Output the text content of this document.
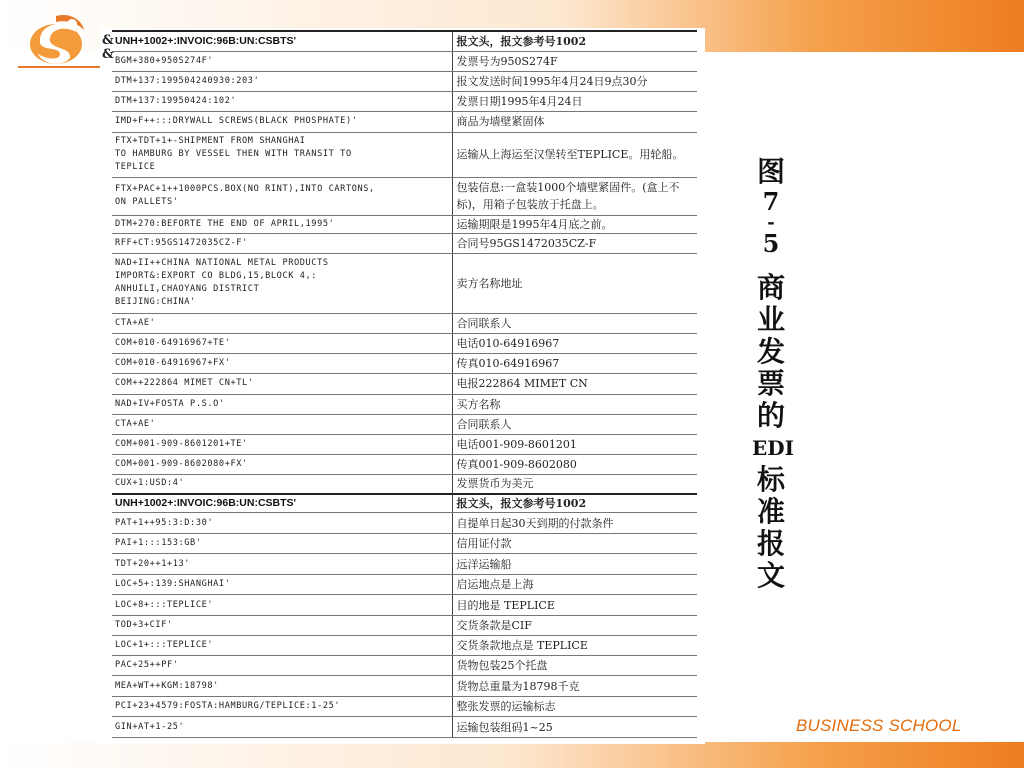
&
&
UNH+1002+:INVOIC:96B:UN:CSBTS'	报文头，报文参考号1002
BGM+380+950S274F'	发票号为950S274F
DTM+137:199504240930:203'	报文发送时间1995年4月24日9点30分
DTM+137:19950424:102'	发票日期1995年4月24日
IMD+F++:::DRYWALL SCREWS(BLACK PHOSPHATE)'	商品为墙壁紧固体
FTX+TDT+1+-SHIPMENT FROM SHANGHAI
TO HAMBURG BY VESSEL THEN WITH TRANSIT TO
TEPLICE	运输从上海运至汉堡转至TEPLICE。用轮船。
FTX+PAC+1++1000PCS.BOX(NO RINT),INTO CARTONS,
ON PALLETS'	包装信息:一盒装1000个墙壁紧固件。(盒上不标)，用箱子包装放于托盘上。
DTM+270:BEFORTE THE END OF APRIL,1995'	运输期限是1995年4月底之前。
RFF+CT:95GS1472035CZ-F'	合同号95GS1472035CZ-F
NAD+II++CHINA NATIONAL METAL PRODUCTS
IMPORT&:EXPORT CO BLDG,15,BLOCK 4,:
ANHUILI,CHAOYANG DISTRICT
BEIJING:CHINA'	卖方名称地址
CTA+AE'	合同联系人
COM+010-64916967+TE'	电话010-64916967
COM+010-64916967+FX'	传真010-64916967
COM++222864 MIMET CN+TL'	电报222864 MIMET CN
NAD+IV+FOSTA P.S.O'	买方名称
CTA+AE'	合同联系人
COM+001-909-8601201+TE'	电话001-909-8601201
COM+001-909-8602080+FX'	传真001-909-8602080
CUX+1:USD:4'	发票货币为美元
UNH+1002+:INVOIC:96B:UN:CSBTS'	报文头，报文参考号1002
PAT+1++95:3:D:30'	自提单日起30天到期的付款条件
PAI+1:::153:GB'	信用证付款
TDT+20++1+13'	远洋运输船
LOC+5+:139:SHANGHAI'	启运地点是上海
LOC+8+:::TEPLICE'	目的地是 TEPLICE
TOD+3+CIF'	交货条款是CIF
LOC+1+:::TEPLICE'	交货条款地点是 TEPLICE
PAC+25++PF'	货物包装25个托盘
MEA+WT++KGM:18798'	货物总重量为18798千克
PCI+23+4579:FOSTA:HAMBURG/TEPLICE:1-25'	整张发票的运输标志
GIN+AT+1-25'	运输包装组码1~25
图
7
-
5
商
业
发
票
的
EDI
标
准
报
文
BUSINESS SCHOOL
